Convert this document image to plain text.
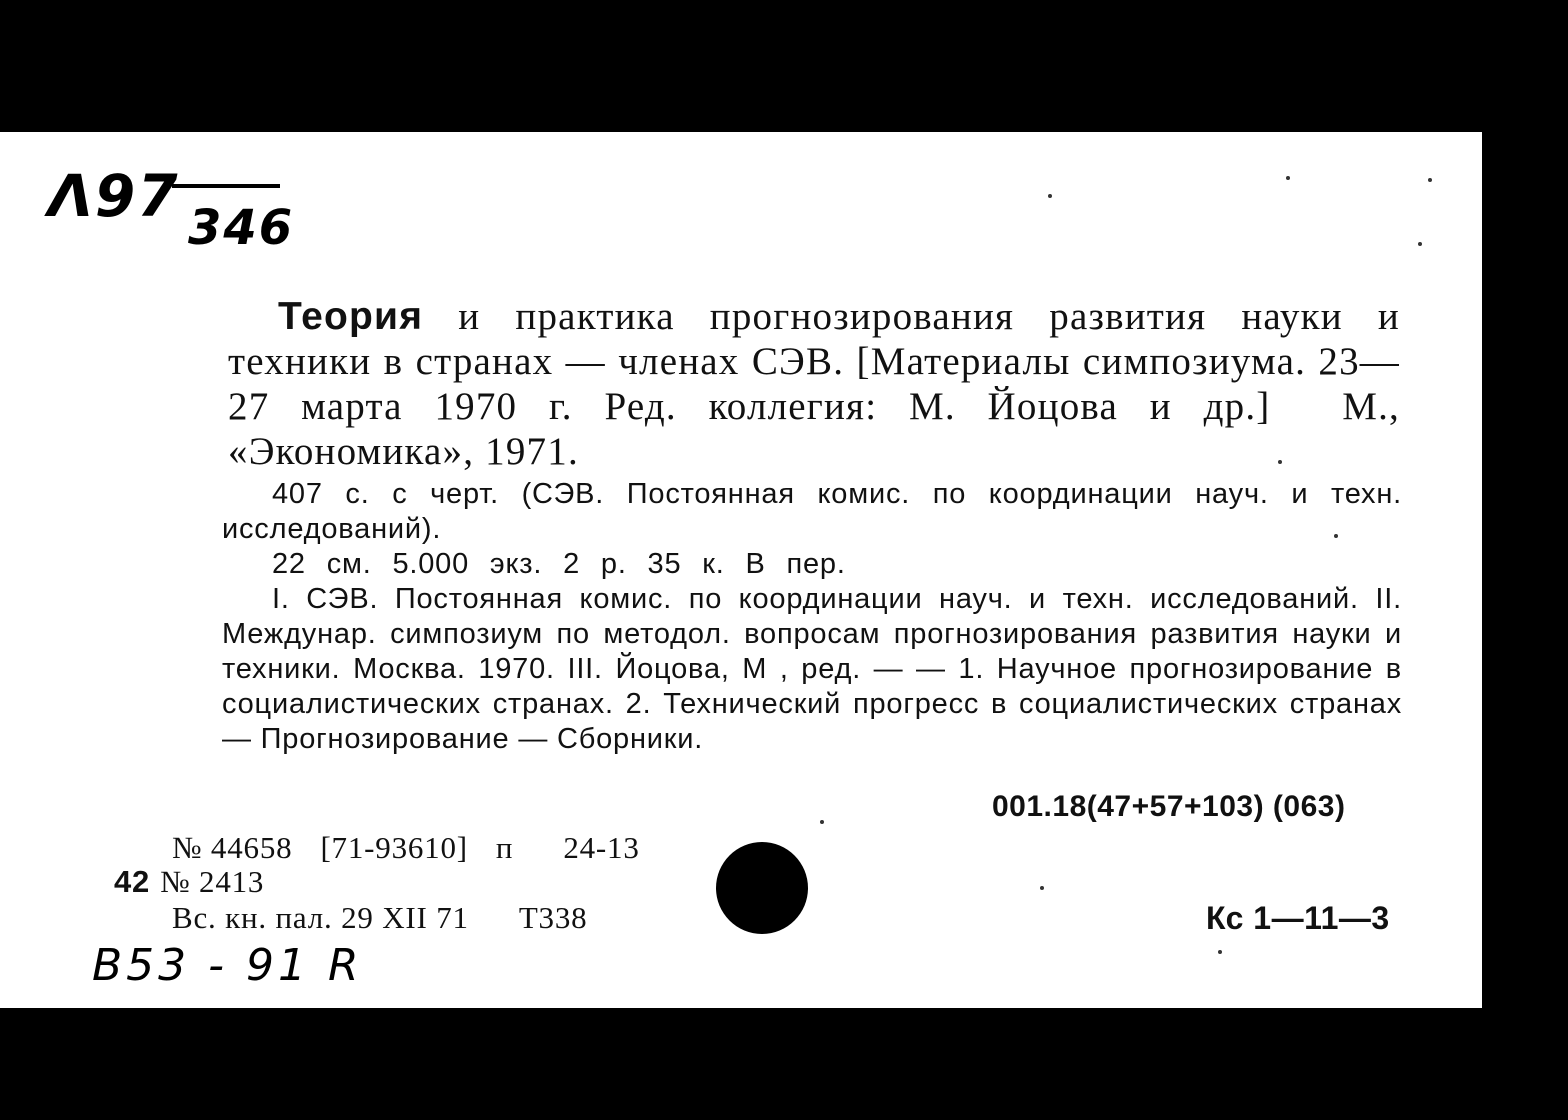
Λ97 346
Теория и практика прогнозирования развития науки и техники в странах — членах СЭВ. [Материалы симпозиума. 23—27 марта 1970 г. Ред. коллегия: М. Йоцова и др.] М., «Экономика», 1971.
407 с. с черт. (СЭВ. Постоянная комис. по координации науч. и техн. исследований).
22 см. 5.000 экз. 2 р. 35 к. В пер.
I. СЭВ. Постоянная комис. по координации науч. и техн. исследований. II. Междунар. симпозиум по методол. вопросам прогнозирования развития науки и техники. Москва. 1970. III. Йоцова, М , ред. — — 1. Научное прогнозирование в социалистических странах. 2. Технический прогресс в социалистических странах — Прогнозирование — Сборники.
001.18(47+57+103) (063)
№ 44658 [71-93610] п 24-13
42 № 2413
Вс. кн. пал. 29 XII 71 Т338	Кс 1—11—3
B53 - 91 R
